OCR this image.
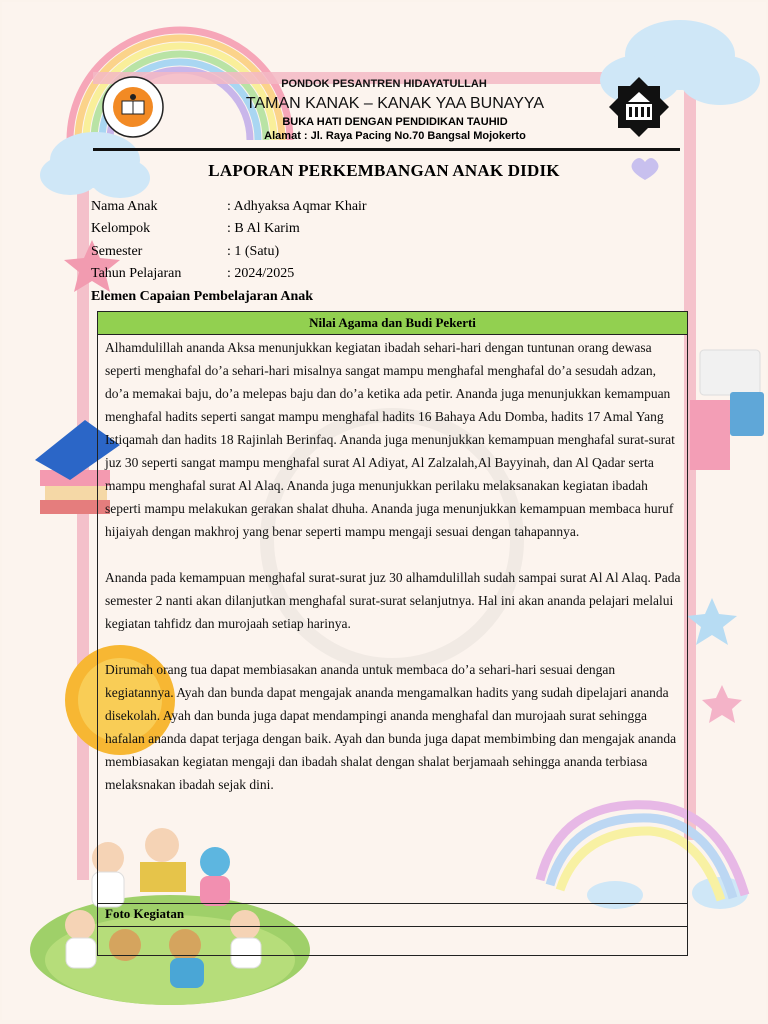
PONDOK PESANTREN HIDAYATULLAH
TAMAN KANAK – KANAK YAA BUNAYYA
BUKA HATI DENGAN PENDIDIKAN TAUHID
Alamat : Jl. Raya Pacing No.70 Bangsal Mojokerto
LAPORAN PERKEMBANGAN ANAK DIDIK
Nama Anak	: Adhyaksa Aqmar Khair
Kelompok	: B Al Karim
Semester	: 1 (Satu)
Tahun Pelajaran	: 2024/2025
Elemen Capaian Pembelajaran Anak
Nilai Agama dan Budi Pekerti

Alhamdulillah ananda Aksa menunjukkan kegiatan ibadah sehari-hari dengan tuntunan orang dewasa seperti menghafal do’a sehari-hari misalnya sangat mampu menghafal menghafal do’a sesudah adzan, do’a memakai baju, do’a melepas baju dan do’a ketika ada petir. Ananda juga menunjukkan kemampuan menghafal hadits seperti sangat mampu menghafal hadits 16 Bahaya Adu Domba, hadits 17 Amal Yang Istiqamah dan hadits 18 Rajinlah Berinfaq. Ananda juga menunjukkan kemampuan menghafal surat-surat juz 30 seperti sangat mampu menghafal surat Al Adiyat, Al Zalzalah,Al Bayyinah, dan Al Qadar serta mampu menghafal surat Al Alaq. Ananda juga menunjukkan perilaku melaksanakan kegiatan ibadah seperti mampu melakukan gerakan shalat dhuha. Ananda juga menunjukkan kemampuan membaca huruf hijaiyah dengan makhroj yang benar seperti mampu mengaji sesuai dengan tahapannya.

Ananda pada kemampuan menghafal surat-surat juz 30 alhamdulillah sudah sampai surat Al Al Alaq. Pada semester 2 nanti akan dilanjutkan menghafal surat-surat selanjutnya. Hal ini akan ananda pelajari melalui kegiatan tahfidz dan murojaah setiap harinya.

Dirumah orang tua dapat membiasakan ananda untuk membaca do’a sehari-hari sesuai dengan kegiatannya. Ayah dan bunda dapat mengajak ananda mengamalkan hadits yang sudah dipelajari ananda disekolah. Ayah dan bunda juga dapat mendampingi ananda menghafal dan murojaah surat sehingga hafalan ananda dapat terjaga dengan baik. Ayah dan bunda juga dapat membimbing dan mengajak ananda membiasakan kegiatan mengaji dan ibadah shalat dengan shalat berjamaah sehingga ananda terbiasa melaksnakan ibadah sejak dini.

Foto Kegiatan
